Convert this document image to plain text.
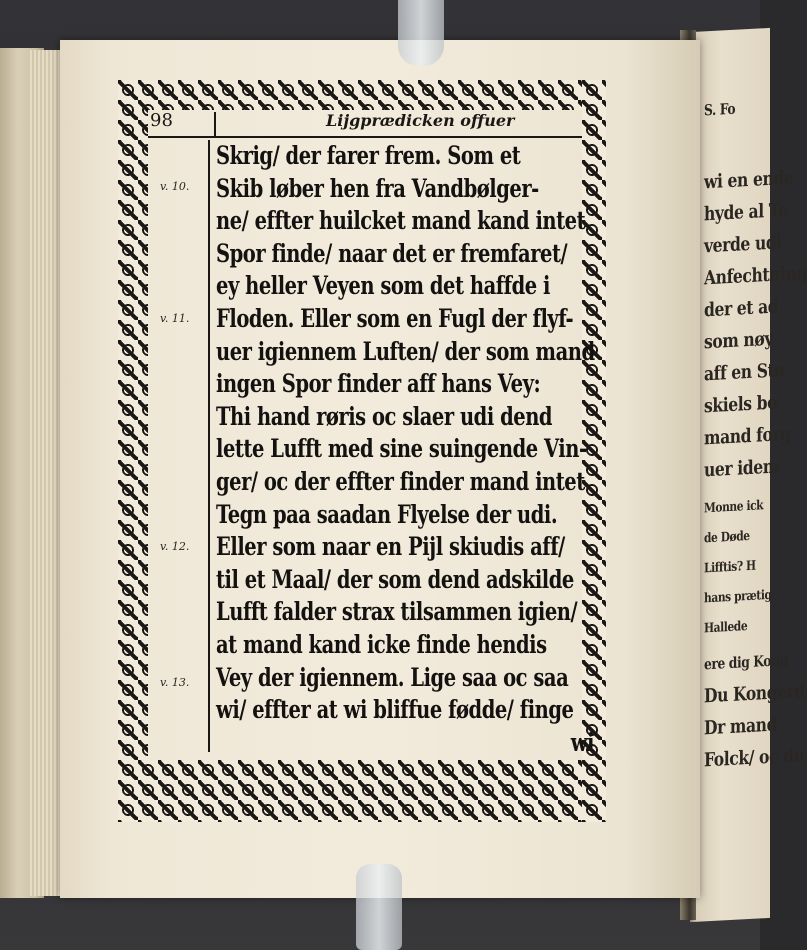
S. Fo
wi en ende
hyde al Te
verde udi
Anfechtning
der et ad
som nøy
aff en Stø
skiels bo
mand forg
uer idem
Monne ick
de Døde
Lifftis? H
hans prætig
Hallede
ere dig Kong
Du Kongerd
Dr mand
Folck/ oc du
98	Lijgprædicken offuer
v. 10.
v. 11.
v. 12.
v. 13.
Skrig/ der farer frem. Som et
Skib løber hen fra Vandbølger-
ne/ effter huilcket mand kand intet
Spor finde/ naar det er fremfaret/
ey heller Veyen som det haffde i
Floden. Eller som en Fugl der flyf-
uer igiennem Luften/ der som mand
ingen Spor finder aff hans Vey:
Thi hand røris oc slaer udi dend
lette Lufft med sine suingende Vin-
ger/ oc der effter finder mand intet
Tegn paa saadan Flyelse der udi.
Eller som naar en Pijl skiudis aff/
til et Maal/ der som dend adskilde
Lufft falder strax tilsammen igien/
at mand kand icke finde hendis
Vey der igiennem. Lige saa oc saa
wi/ effter at wi bliffue fødde/ finge
wi
